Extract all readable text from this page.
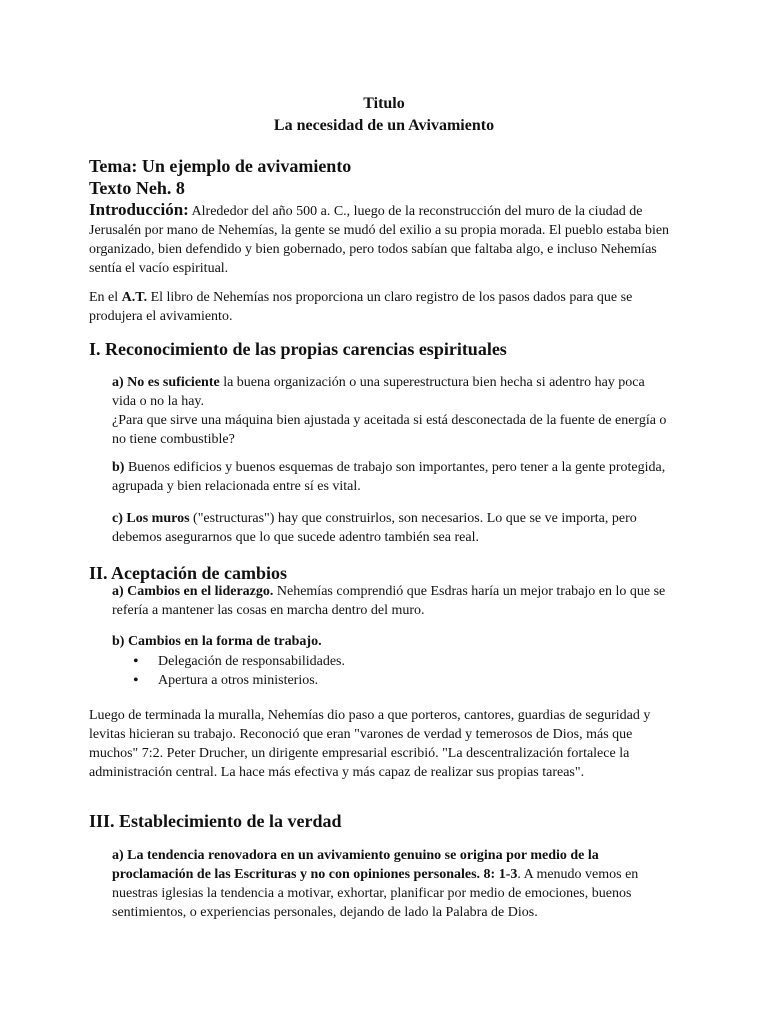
Titulo
La necesidad de un Avivamiento
Tema: Un ejemplo de avivamiento
Texto Neh. 8

Introducción: Alrededor del año 500 a. C., luego de la reconstrucción del muro de la ciudad de Jerusalén por mano de Nehemías, la gente se mudó del exilio a su propia morada. El pueblo estaba bien organizado, bien defendido y bien gobernado, pero todos sabían que faltaba algo, e incluso Nehemías sentía el vacío espiritual.

En el A.T. El libro de Nehemías nos proporciona un claro registro de los pasos dados para que se produjera el avivamiento.

I. Reconocimiento de las propias carencias espirituales

a) No es suficiente la buena organización o una superestructura bien hecha si adentro hay poca vida o no la hay.
¿Para que sirve una máquina bien ajustada y aceitada si está desconectada de la fuente de energía o no tiene combustible?

b) Buenos edificios y buenos esquemas de trabajo son importantes, pero tener a la gente protegida, agrupada y bien relacionada entre sí es vital.

c) Los muros ("estructuras") hay que construirlos, son necesarios. Lo que se ve importa, pero debemos asegurarnos que lo que sucede adentro también sea real.

II. Aceptación de cambios

a) Cambios en el liderazgo. Nehemías comprendió que Esdras haría un mejor trabajo en lo que se refería a mantener las cosas en marcha dentro del muro.

b) Cambios en la forma de trabajo.
• Delegación de responsabilidades.
• Apertura a otros ministerios.

Luego de terminada la muralla, Nehemías dio paso a que porteros, cantores, guardias de seguridad y levitas hicieran su trabajo. Reconoció que eran "varones de verdad y temerosos de Dios, más que muchos" 7:2. Peter Drucher, un dirigente empresarial escribió. "La descentralización fortalece la administración central. La hace más efectiva y más capaz de realizar sus propias tareas".

III. Establecimiento de la verdad

a) La tendencia renovadora en un avivamiento genuino se origina por medio de la proclamación de las Escrituras y no con opiniones personales. 8: 1-3. A menudo vemos en nuestras iglesias la tendencia a motivar, exhortar, planificar por medio de emociones, buenos sentimientos, o experiencias personales, dejando de lado la Palabra de Dios.
